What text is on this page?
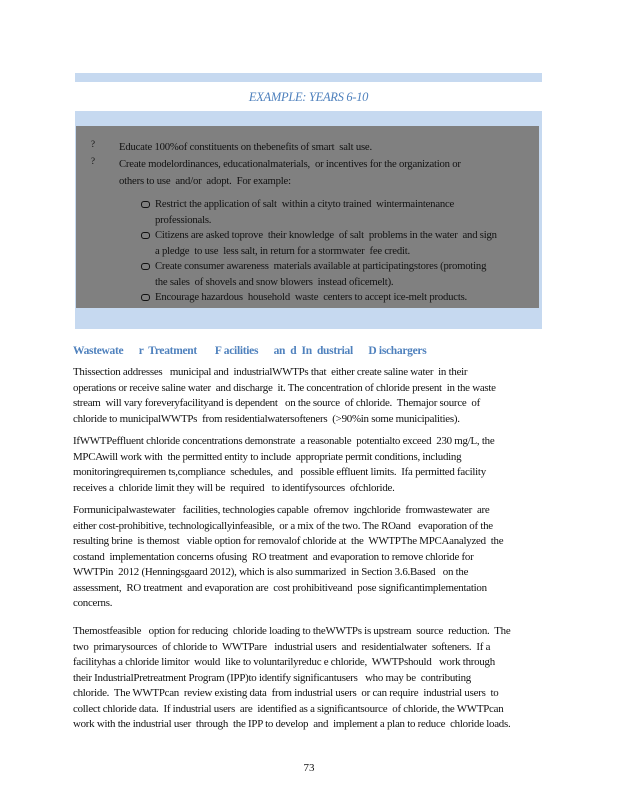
EXAMPLE: YEARS 6-10
? Educate 100%of constituents on thebenefits of smart  salt use.
? Create modelordinances, educationalmaterials,  or incentives for the organization or
others to use  and/or  adopt.  For example:
Restrict the application of salt  within a cityto trained  wintermaintenance
professionals.
Citizens are asked toprove  their knowledge  of salt  problems in the water  and sign
a pledge  to use  less salt, in return for a stormwater  fee credit.
Create consumer awareness  materials available at participatingstores (promoting
the sales  of shovels and snow blowers  instead oficemelt).
Encourage hazardous  household  waste  centers to accept ice-melt products.
Wastewate      r  Treatment       F acilities      an  d  In  dustrial      D ischargers
Thissection addresses   municipal and  industrialWWTPs that  either create saline water  in their
operations or receive saline water  and discharge  it. The concentration of chloride present  in the waste
stream  will vary foreveryfacilityand is dependent   on the source  of chloride.  Themajor source  of
chloride to municipalWWTPs  from residentialwatersofteners  (>90%in some municipalities).
IfWWTPeffluent chloride concentrations demonstrate  a reasonable  potentialto exceed  230 mg/L, the
MPCAwill work with  the permitted entity to include  appropriate permit conditions, including
monitoringrequiremen ts,compliance  schedules,  and   possible effluent limits.  Ifa permitted facility
receives a  chloride limit they will be  required   to identifysources  ofchloride.
Formunicipalwastewater   facilities, technologies capable  ofremov  ingchloride  fromwastewater  are
either cost-prohibitive, technologicallyinfeasible,  or a mix of the two. The ROand   evaporation of the
resulting brine  is themost   viable option for removalof chloride at  the  WWTPThe MPCAanalyzed  the
costand  implementation concerns ofusing  RO treatment  and evaporation to remove chloride for
WWTPin  2012 (Henningsgaard 2012), which is also summarized  in Section 3.6.Based   on the
assessment,  RO treatment  and evaporation are  cost prohibitiveand  pose significantimplementation
concerns.
Themostfeasible   option for reducing  chloride loading to theWWTPs is upstream  source  reduction.  The
two  primarysources  of chloride to  WWTPare   industrial users  and  residentialwater  softeners.  If a
facilityhas a chloride limitor  would  like to voluntarilyreduc e chloride,  WWTPshould   work through
their IndustrialPretreatment Program (IPP)to identify significantusers   who may be  contributing
chloride.  The WWTPcan  review existing data  from industrial users  or can require  industrial users  to
collect chloride data.  If industrial users  are  identified as a significantsource  of chloride, the WWTPcan
work with the industrial user  through  the IPP to develop  and  implement a plan to reduce  chloride loads.
73
